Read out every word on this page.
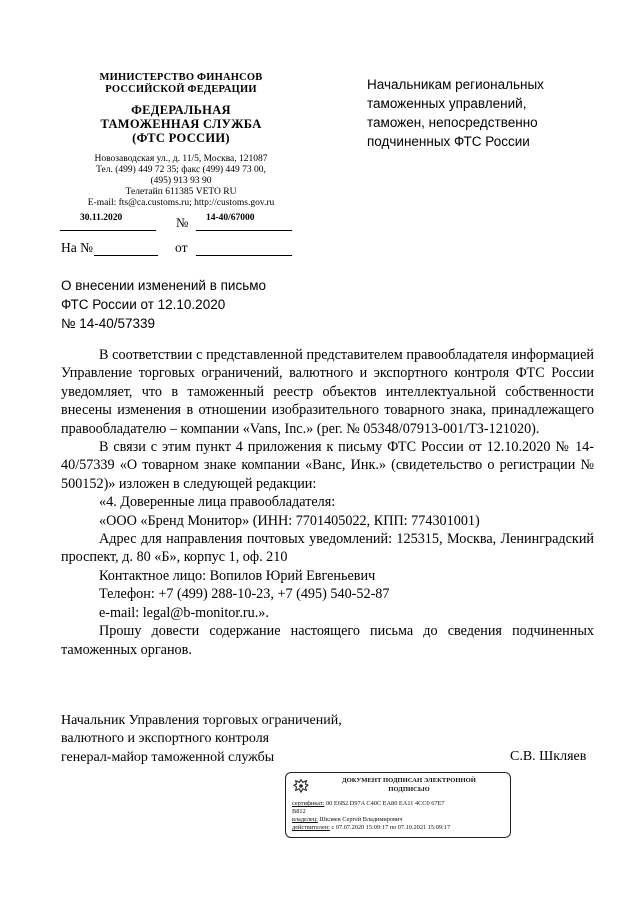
МИНИСТЕРСТВО ФИНАНСОВ
РОССИЙСКОЙ ФЕДЕРАЦИИ
ФЕДЕРАЛЬНАЯ
ТАМОЖЕННАЯ СЛУЖБА
(ФТС РОССИИ)
Новозаводская ул., д. 11/5, Москва, 121087
Тел. (499) 449 72 35; факс (499) 449 73 00,
(495) 913 93 90
Телетайп 611385 VETO RU
E-mail: fts@ca.customs.ru; http://customs.gov.ru
30.11.2020	№ 14-40/67000
На №	от
Начальникам региональных
таможенных управлений,
таможен, непосредственно
подчиненных ФТС России
О внесении изменений в письмо
ФТС России от 12.10.2020
№ 14-40/57339

В соответствии с представленной представителем правообладателя информацией Управление торговых ограничений, валютного и экспортного контроля ФТС России уведомляет, что в таможенный реестр объектов интеллектуальной собственности внесены изменения в отношении изобразительного товарного знака, принадлежащего правообладателю – компании «Vans, Inc.» (рег. № 05348/07913-001/ТЗ-121020).

В связи с этим пункт 4 приложения к письму ФТС России от 12.10.2020 № 14-40/57339 «О товарном знаке компании «Ванс, Инк.» (свидетельство о регистрации № 500152)» изложен в следующей редакции:

«4. Доверенные лица правообладателя:

«ООО «Бренд Монитор» (ИНН: 7701405022, КПП: 774301001)

Адрес для направления почтовых уведомлений: 125315, Москва, Ленинградский проспект, д. 80 «Б», корпус 1, оф. 210

Контактное лицо: Вопилов Юрий Евгеньевич

Телефон: +7 (499) 288-10-23, +7 (495) 540-52-87

e-mail: legal@b-monitor.ru.».

Прошу довести содержание настоящего письма до сведения подчиненных таможенных органов.

Начальник Управления торговых ограничений,
валютного и экспортного контроля
генерал-майор таможенной службы	С.В. Шкляев
ДОКУМЕНТ ПОДПИСАН ЭЛЕКТРОННОЙ
ПОДПИСЬЮ
сертификат: 00 E6B2 D97A C40C EA80 EA11 4CC0 67E7
B812
владелец: Шкляев Сергей Владимирович
действителен: с 07.07.2020 15:09:17 по 07.10.2021 15:09:17
